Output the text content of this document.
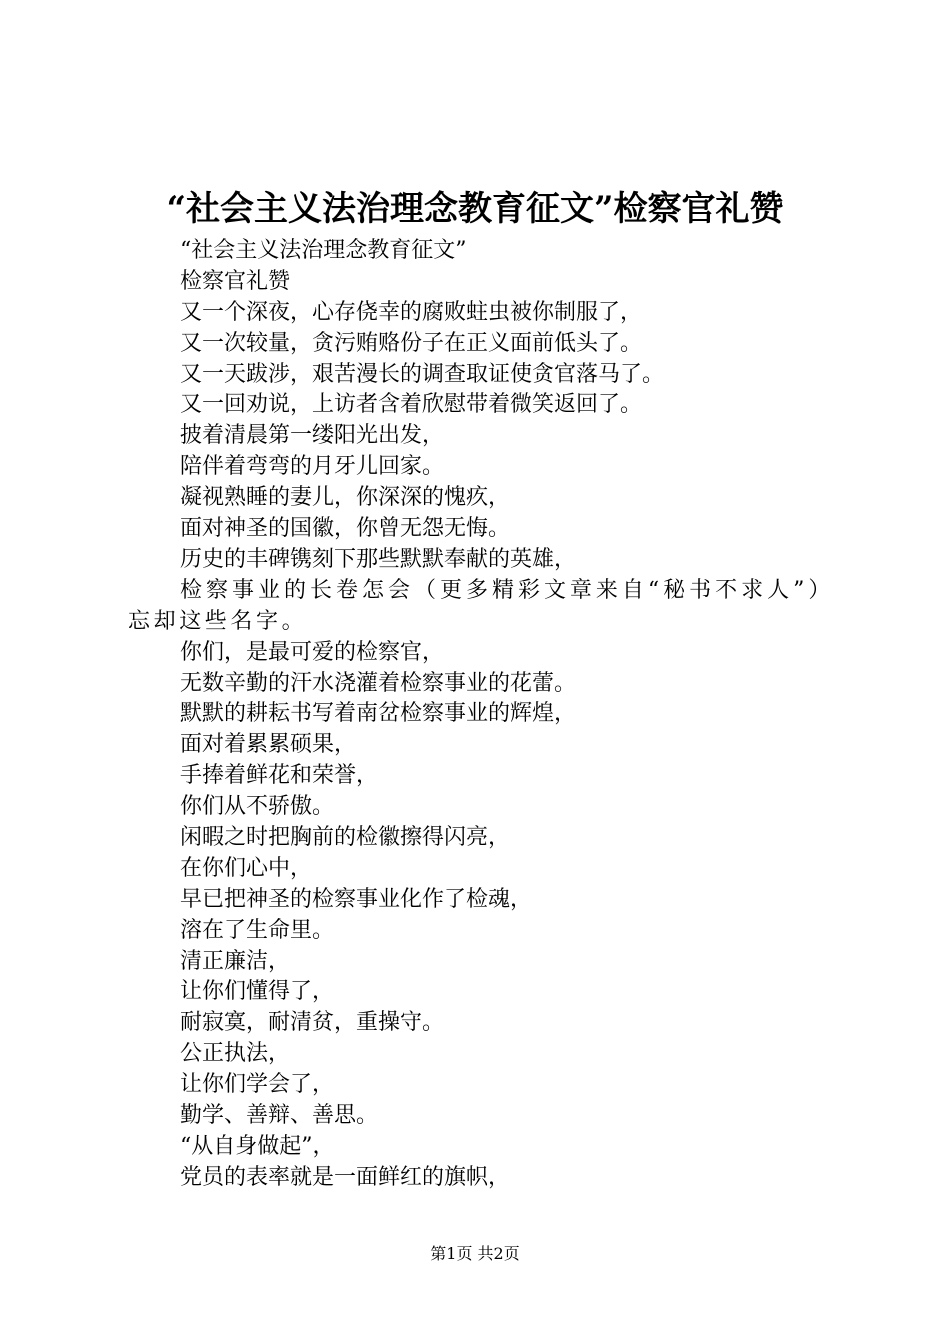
“社会主义法治理念教育征文”检察官礼赞
“社会主义法治理念教育征文”
检察官礼赞
又一个深夜，心存侥幸的腐败蛀虫被你制服了，
又一次较量，贪污贿赂份子在正义面前低头了。
又一天跋涉，艰苦漫长的调查取证使贪官落马了。
又一回劝说，上访者含着欣慰带着微笑返回了。
披着清晨第一缕阳光出发，
陪伴着弯弯的月牙儿回家。
凝视熟睡的妻儿，你深深的愧疚，
面对神圣的国徽，你曾无怨无悔。
历史的丰碑镌刻下那些默默奉献的英雄，
检察事业的长卷怎会（更多精彩文章来自“秘书不求人”）忘却这些名字。
你们，是最可爱的检察官，
无数辛勤的汗水浇灌着检察事业的花蕾。
默默的耕耘书写着南岔检察事业的辉煌，
面对着累累硕果，
手捧着鲜花和荣誉，
你们从不骄傲。
闲暇之时把胸前的检徽擦得闪亮，
在你们心中，
早已把神圣的检察事业化作了检魂，
溶在了生命里。
清正廉洁，
让你们懂得了，
耐寂寞，耐清贫，重操守。
公正执法，
让你们学会了，
勤学、善辩、善思。
“从自身做起”，
党员的表率就是一面鲜红的旗帜，
第1页 共2页
